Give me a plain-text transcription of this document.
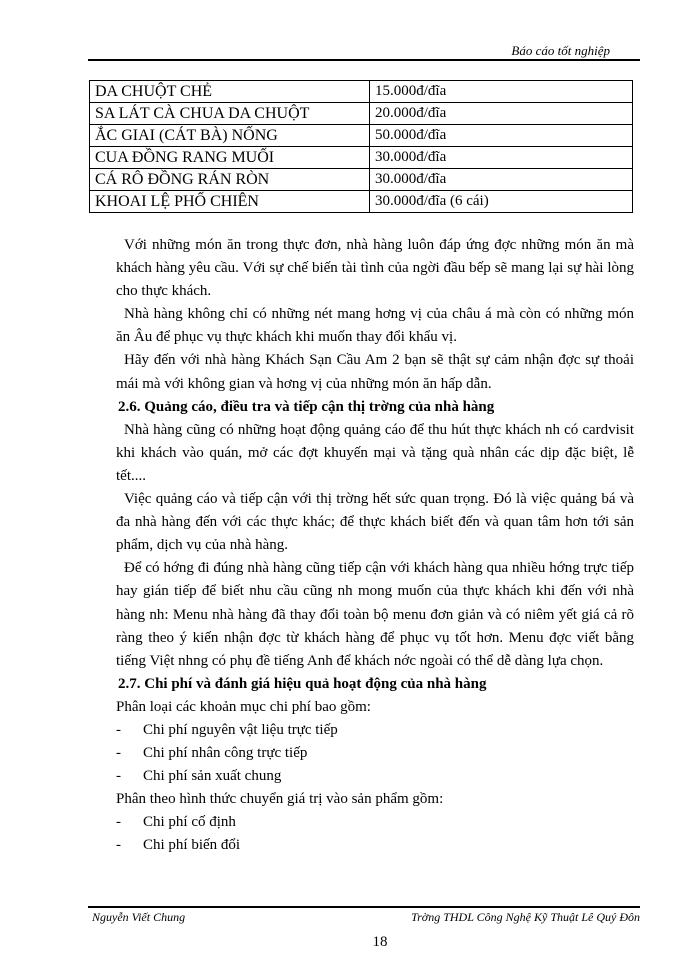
Báo cáo tốt nghiệp
DA CHUỘT CHẺ	15.000đ/đĩa
SA LÁT CÀ CHUA DA CHUỘT	20.000đ/đĩa
ẮC GIAI (CÁT BÀ) NỐNG	50.000đ/đĩa
CUA ĐỒNG RANG MUỐI	30.000đ/đĩa
CÁ RÔ ĐỒNG RÁN RÒN	30.000đ/đĩa
KHOAI LỆ PHỐ CHIÊN	30.000đ/đĩa (6 cái)

Với những món ăn trong thực đơn, nhà hàng luôn đáp ứng đợc những món ăn mà khách hàng yêu cầu. Với sự chế biến tài tình của ngời đầu bếp sẽ mang lại sự hài lòng cho thực khách.

Nhà hàng không chỉ có những nét mang hơng vị của châu á mà còn có những món ăn Âu để phục vụ thực khách khi muốn thay đổi khẩu vị.

Hãy đến với nhà hàng Khách Sạn Cầu Am 2 bạn sẽ thật sự cảm nhận đợc sự thoải mái mà với không gian và hơng vị của những món ăn hấp dẫn.

2.6. Quảng cáo, điều tra và tiếp cận thị trờng của nhà hàng

Nhà hàng cũng có những hoạt động quảng cáo để thu hút thực khách nh có cardvisit khi khách vào quán, mở các đợt khuyến mại và tặng quà nhân các dịp đặc biệt, lễ tết....

Việc quảng cáo và tiếp cận với thị trờng hết sức quan trọng. Đó là việc quảng bá và đa nhà hàng đến với các thực khác; để thực khách biết đến và quan tâm hơn tới sản phẩm, dịch vụ của nhà hàng.

Để có hớng đi đúng nhà hàng cũng tiếp cận với khách hàng qua nhiều hớng trực tiếp hay gián tiếp để biết nhu cầu cũng nh mong muốn của thực khách khi đến với nhà hàng nh: Menu nhà hàng đã thay đổi toàn bộ menu đơn giản và có niêm yết giá cả rõ ràng theo ý kiến nhận đợc từ khách hàng để phục vụ tốt hơn. Menu đợc viết bằng tiếng Việt nhng có phụ đề tiếng Anh để khách nớc ngoài có thể dễ dàng lựa chọn.

2.7. Chi phí và đánh giá hiệu quả hoạt động của nhà hàng

Phân loại các khoản mục chi phí bao gồm:

- Chi phí nguyên vật liệu trực tiếp
- Chi phí nhân công trực tiếp
- Chi phí sản xuất chung

Phân theo hình thức chuyển giá trị vào sản phẩm gồm:

- Chi phí cố định
- Chi phí biến đổi
Nguyễn Viết Chung	Trờng THDL Công Nghệ Kỹ Thuật Lê Quý Đôn
18
